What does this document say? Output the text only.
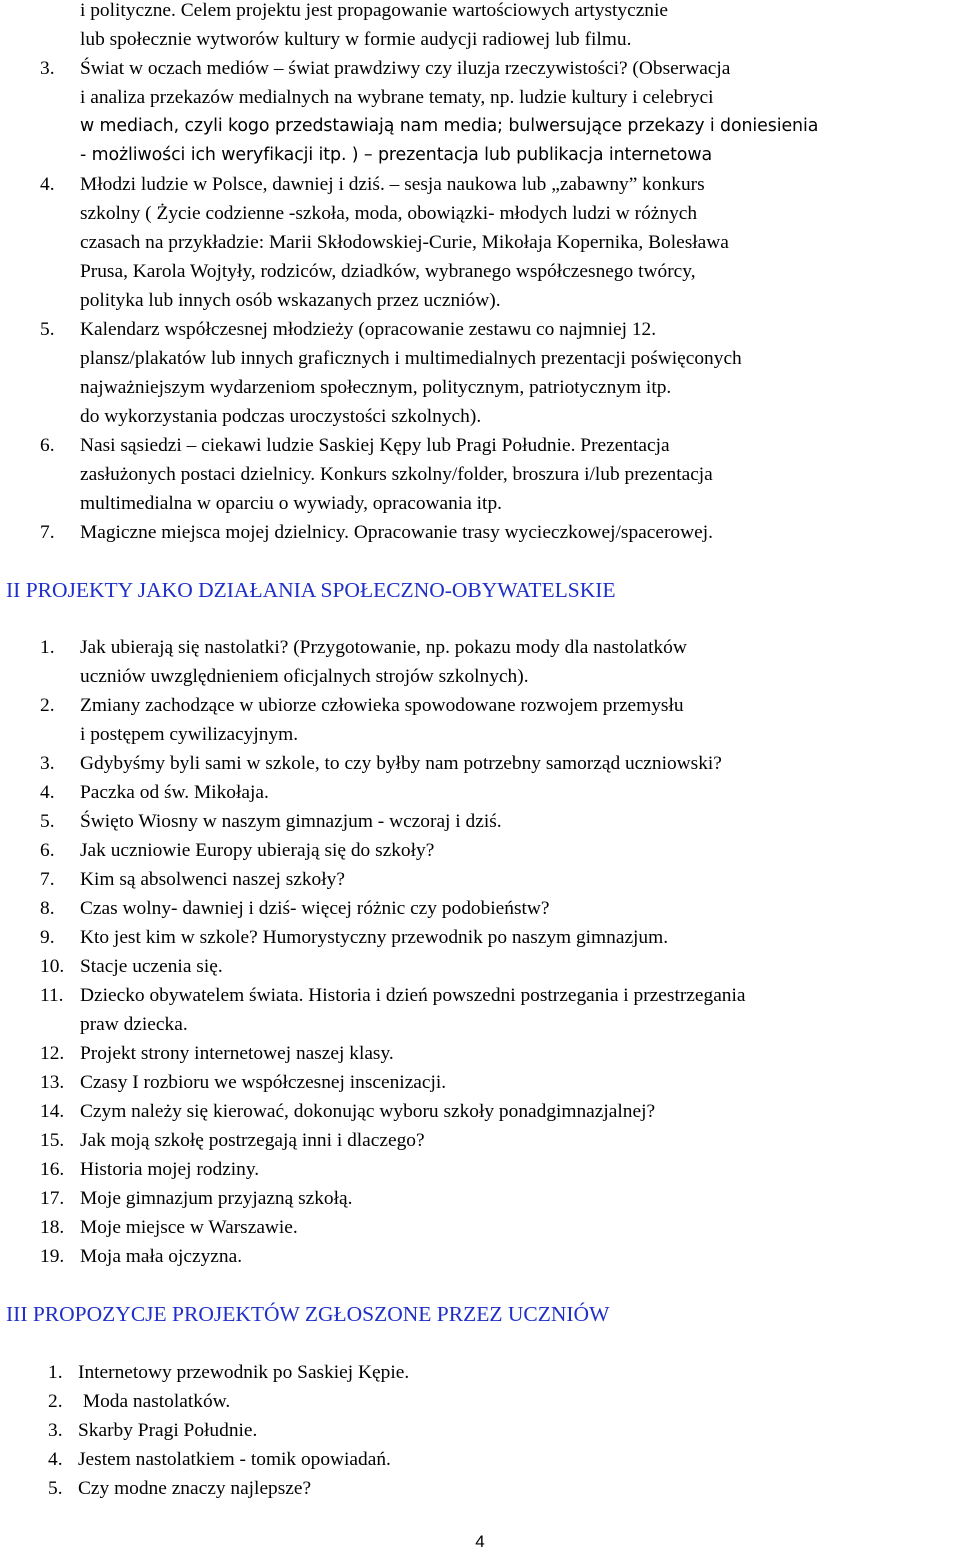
i polityczne. Celem projektu jest propagowanie wartościowych artystycznie
lub społecznie wytworów kultury w formie audycji radiowej lub filmu.
3. Świat w oczach mediów – świat prawdziwy czy iluzja rzeczywistości? (Obserwacja
i analiza przekazów medialnych na wybrane tematy, np. ludzie kultury i celebryci
w mediach, czyli kogo przedstawiają nam media; bulwersujące przekazy i doniesienia
- możliwości ich weryfikacji itp. ) – prezentacja lub publikacja internetowa
4. Młodzi ludzie w Polsce, dawniej i dziś. – sesja naukowa lub „zabawny” konkurs
szkolny ( Życie codzienne -szkoła, moda, obowiązki- młodych ludzi w różnych
czasach na przykładzie: Marii Skłodowskiej-Curie, Mikołaja Kopernika, Bolesława
Prusa, Karola Wojtyły, rodziców, dziadków, wybranego współczesnego twórcy,
polityka lub innych osób wskazanych przez uczniów).
5. Kalendarz współczesnej młodzieży (opracowanie zestawu co najmniej 12.
plansz/plakatów lub innych graficznych i multimedialnych prezentacji poświęconych
najważniejszym wydarzeniom społecznym, politycznym, patriotycznym itp.
do wykorzystania podczas uroczystości szkolnych).
6. Nasi sąsiedzi – ciekawi ludzie Saskiej Kępy lub Pragi Południe. Prezentacja
zasłużonych postaci dzielnicy. Konkurs szkolny/folder, broszura i/lub prezentacja
multimedialna w oparciu o wywiady, opracowania itp.
7. Magiczne miejsca mojej dzielnicy. Opracowanie trasy wycieczkowej/spacerowej.
II PROJEKTY JAKO DZIAŁANIA SPOŁECZNO-OBYWATELSKIE
1. Jak ubierają się nastolatki? (Przygotowanie, np. pokazu mody dla nastolatków
uczniów uwzględnieniem oficjalnych strojów szkolnych).
2. Zmiany zachodzące w ubiorze człowieka spowodowane rozwojem przemysłu
i postępem cywilizacyjnym.
3. Gdybyśmy byli sami w szkole, to czy byłby nam potrzebny samorząd uczniowski?
4. Paczka od św. Mikołaja.
5. Święto Wiosny w naszym gimnazjum - wczoraj i dziś.
6. Jak uczniowie Europy ubierają się do szkoły?
7. Kim są absolwenci naszej szkoły?
8. Czas wolny- dawniej i dziś- więcej różnic czy podobieństw?
9. Kto jest kim w szkole? Humorystyczny przewodnik po naszym gimnazjum.
10. Stacje uczenia się.
11. Dziecko obywatelem świata. Historia i dzień powszedni postrzegania i przestrzegania
praw dziecka.
12. Projekt strony internetowej naszej klasy.
13. Czasy I rozbioru we współczesnej inscenizacji.
14. Czym należy się kierować, dokonując wyboru szkoły ponadgimnazjalnej?
15. Jak moją szkołę postrzegają inni i dlaczego?
16. Historia mojej rodziny.
17. Moje gimnazjum przyjazną szkołą.
18. Moje miejsce w Warszawie.
19. Moja mała ojczyzna.
III PROPOZYCJE PROJEKTÓW ZGŁOSZONE PRZEZ UCZNIÓW
1. Internetowy przewodnik po Saskiej Kępie.
2. Moda nastolatków.
3. Skarby Pragi Południe.
4. Jestem nastolatkiem - tomik opowiadań.
5. Czy modne znaczy najlepsze?
4
